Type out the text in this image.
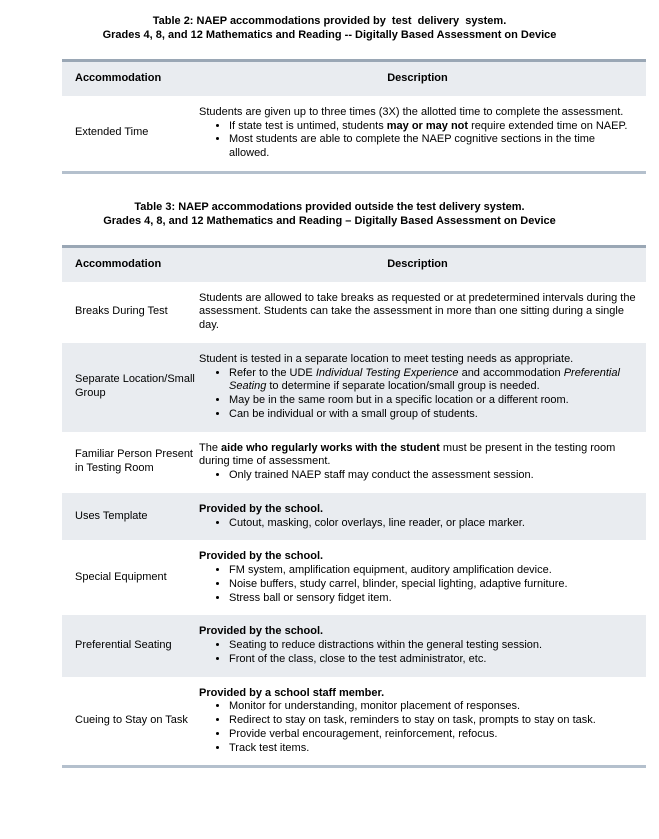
Table 2: NAEP accommodations provided by  test  delivery  system.
Grades 4, 8, and 12 Mathematics and Reading -- Digitally Based Assessment on Device
Accommodation	Description
Extended Time
Students are given up to three times (3X) the allotted time to complete the assessment.
• If state test is untimed, students may or may not require extended time on NAEP.
• Most students are able to complete the NAEP cognitive sections in the time allowed.
Table 3: NAEP accommodations provided outside the test delivery system.
Grades 4, 8, and 12 Mathematics and Reading – Digitally Based Assessment on Device
Accommodation	Description
Breaks During Test
Students are allowed to take breaks as requested or at predetermined intervals during the assessment. Students can take the assessment in more than one sitting during a single day.
Separate Location/Small Group
Student is tested in a separate location to meet testing needs as appropriate.
• Refer to the UDE Individual Testing Experience and accommodation Preferential Seating to determine if separate location/small group is needed.
• May be in the same room but in a specific location or a different room.
• Can be individual or with a small group of students.
Familiar Person Present in Testing Room
The aide who regularly works with the student must be present in the testing room during time of assessment.
• Only trained NAEP staff may conduct the assessment session.
Uses Template
Provided by the school.
• Cutout, masking, color overlays, line reader, or place marker.
Special Equipment
Provided by the school.
• FM system, amplification equipment, auditory amplification device.
• Noise buffers, study carrel, blinder, special lighting, adaptive furniture.
• Stress ball or sensory fidget item.
Preferential Seating
Provided by the school.
• Seating to reduce distractions within the general testing session.
• Front of the class, close to the test administrator, etc.
Cueing to Stay on Task
Provided by a school staff member.
• Monitor for understanding, monitor placement of responses.
• Redirect to stay on task, reminders to stay on task, prompts to stay on task.
• Provide verbal encouragement, reinforcement, refocus.
• Track test items.
